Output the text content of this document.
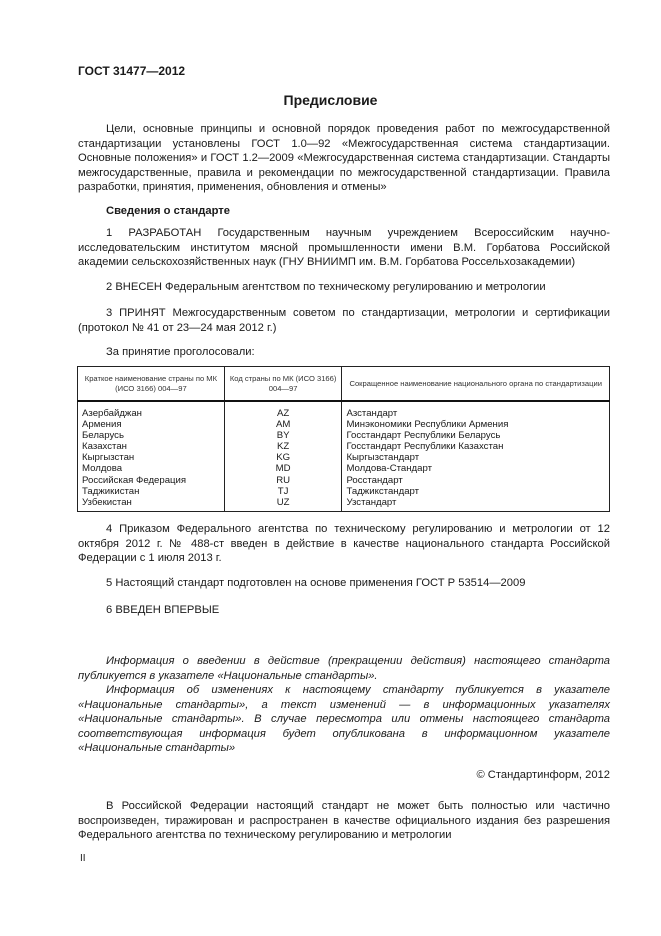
ГОСТ 31477—2012
Предисловие
Цели, основные принципы и основной порядок проведения работ по межгосударственной стандартизации установлены ГОСТ 1.0—92 «Межгосударственная система стандартизации. Основные положения» и ГОСТ 1.2—2009 «Межгосударственная система стандартизации. Стандарты межгосударственные, правила и рекомендации по межгосударственной стандартизации. Правила разработки, принятия, применения, обновления и отмены»
Сведения о стандарте
1 РАЗРАБОТАН Государственным научным учреждением Всероссийским научно-исследовательским институтом мясной промышленности имени В.М. Горбатова Российской академии сельскохозяйственных наук (ГНУ ВНИИМП им. В.М. Горбатова Россельхозакадемии)
2 ВНЕСЕН Федеральным агентством по техническому регулированию и метрологии
3 ПРИНЯТ Межгосударственным советом по стандартизации, метрологии и сертификации (протокол № 41 от 23—24 мая 2012 г.)
За принятие проголосовали:
Краткое наименование страны по МК (ИСО 3166) 004—97	Код страны по МК (ИСО 3166) 004—97	Сокращенное наименование национального органа по стандартизации
Азербайджан	AZ	Азстандарт
Армения	AM	Минэкономики Республики Армения
Беларусь	BY	Госстандарт Республики Беларусь
Казахстан	KZ	Госстандарт Республики Казахстан
Кыргызстан	KG	Кыргызстандарт
Молдова	MD	Молдова-Стандарт
Российская Федерация	RU	Росстандарт
Таджикистан	TJ	Таджикстандарт
Узбекистан	UZ	Узстандарт
4 Приказом Федерального агентства по техническому регулированию и метрологии от 12 октября 2012 г. № 488-ст введен в действие в качестве национального стандарта Российской Федерации с 1 июля 2013 г.
5 Настоящий стандарт подготовлен на основе применения ГОСТ Р 53514—2009
6 ВВЕДЕН ВПЕРВЫЕ
Информация о введении в действие (прекращении действия) настоящего стандарта публикуется в указателе «Национальные стандарты».
Информация об изменениях к настоящему стандарту публикуется в указателе «Национальные стандарты», а текст изменений — в информационных указателях «Национальные стандарты». В случае пересмотра или отмены настоящего стандарта соответствующая информация будет опубликована в информационном указателе «Национальные стандарты»
© Стандартинформ, 2012
В Российской Федерации настоящий стандарт не может быть полностью или частично воспроизведен, тиражирован и распространен в качестве официального издания без разрешения Федерального агентства по техническому регулированию и метрологии
II
